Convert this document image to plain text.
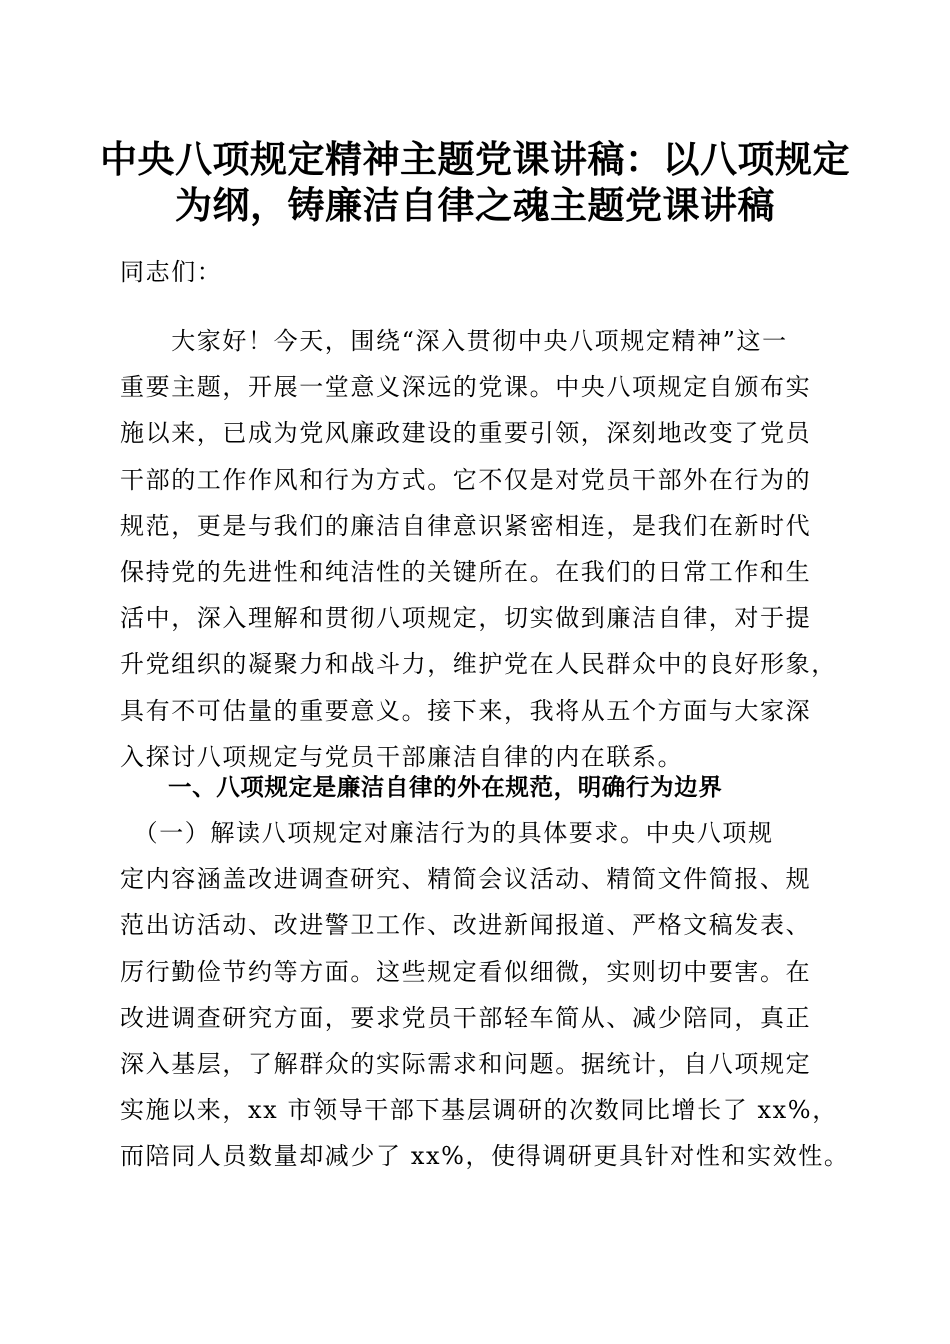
中央八项规定精神主题党课讲稿：以八项规定
为纲，铸廉洁自律之魂主题党课讲稿

同志们：

　　大家好！今天，围绕“深入贯彻中央八项规定精神”这一
重要主题，开展一堂意义深远的党课。中央八项规定自颁布实
施以来，已成为党风廉政建设的重要引领，深刻地改变了党员
干部的工作作风和行为方式。它不仅是对党员干部外在行为的
规范，更是与我们的廉洁自律意识紧密相连，是我们在新时代
保持党的先进性和纯洁性的关键所在。在我们的日常工作和生
活中，深入理解和贯彻八项规定，切实做到廉洁自律，对于提
升党组织的凝聚力和战斗力，维护党在人民群众中的良好形象，
具有不可估量的重要意义。接下来，我将从五个方面与大家深
入探讨八项规定与党员干部廉洁自律的内在联系。

一、八项规定是廉洁自律的外在规范，明确行为边界

　（一）解读八项规定对廉洁行为的具体要求。中央八项规
定内容涵盖改进调查研究、精简会议活动、精简文件简报、规
范出访活动、改进警卫工作、改进新闻报道、严格文稿发表、
厉行勤俭节约等方面。这些规定看似细微，实则切中要害。在
改进调查研究方面，要求党员干部轻车简从、减少陪同，真正
深入基层，了解群众的实际需求和问题。据统计，自八项规定
实施以来，xx 市领导干部下基层调研的次数同比增长了 xx%，
而陪同人员数量却减少了 xx%，使得调研更具针对性和实效性。
